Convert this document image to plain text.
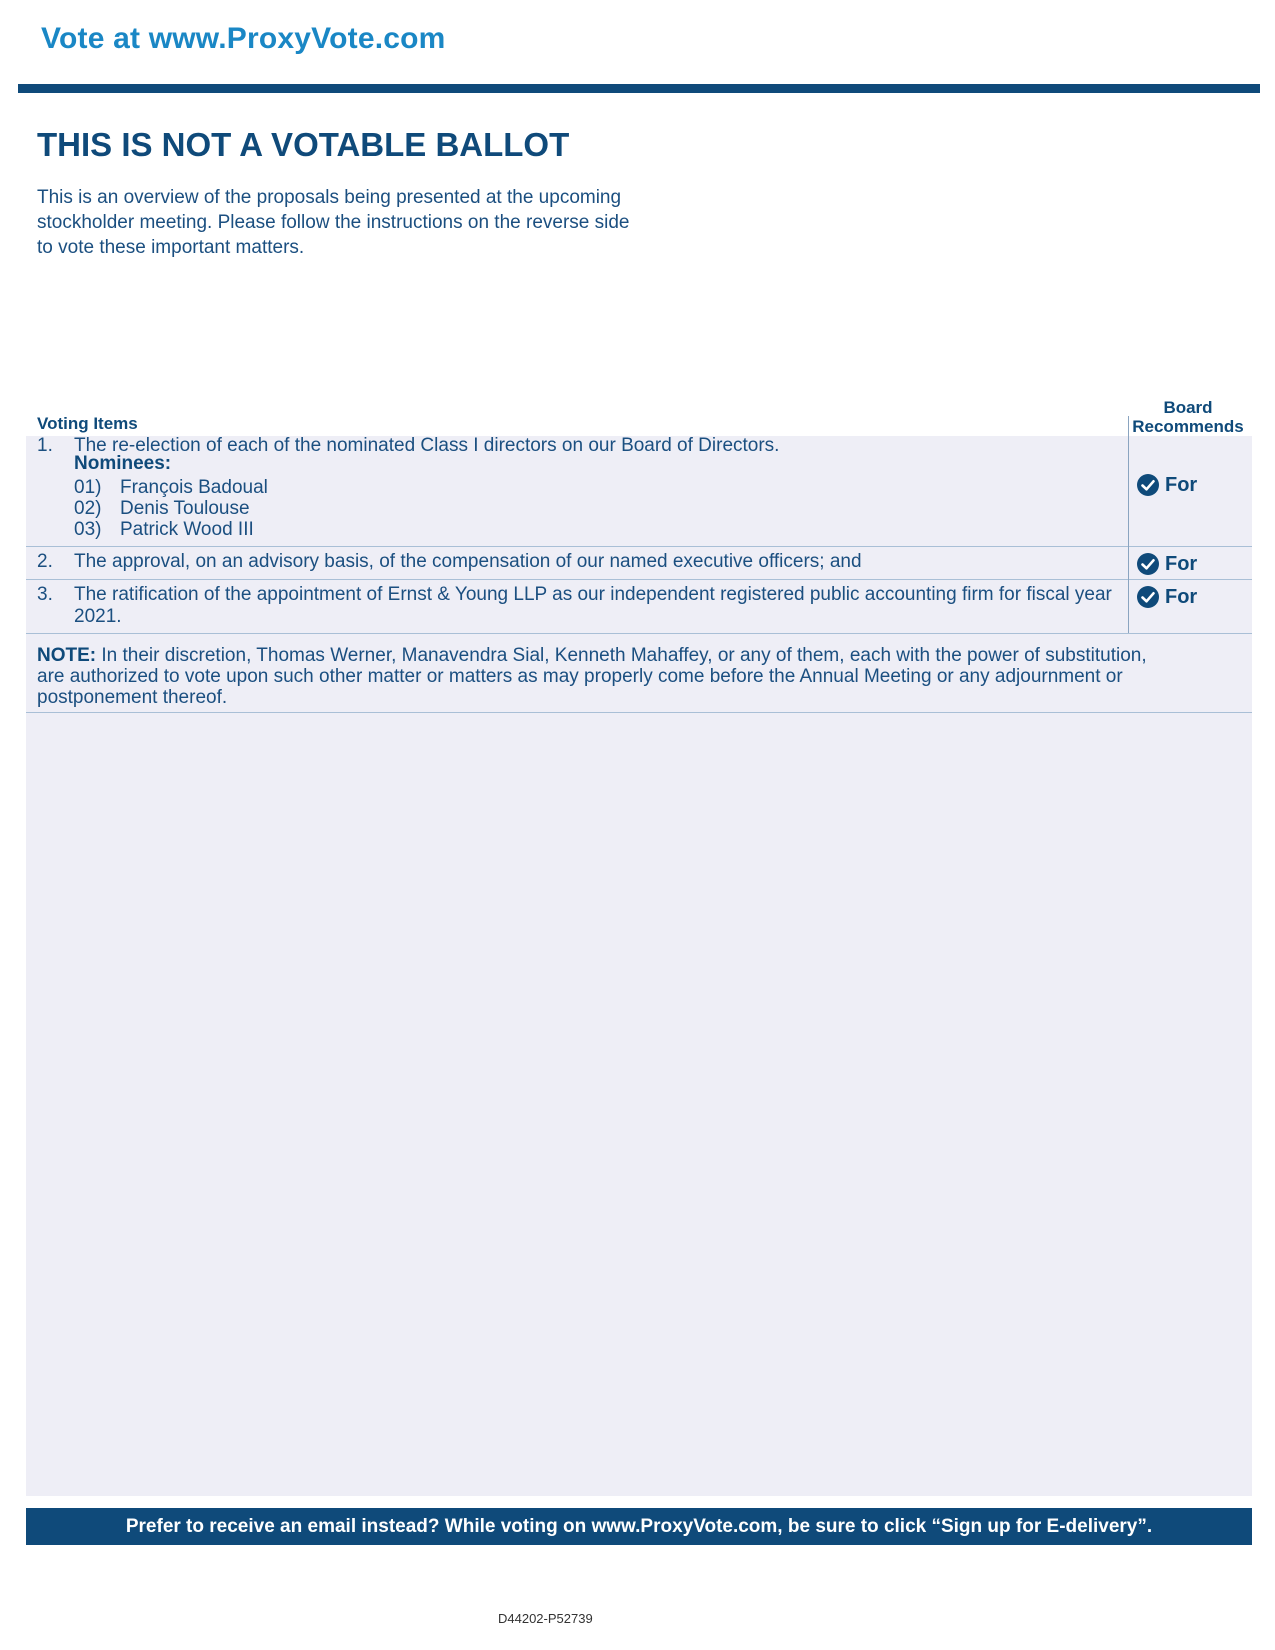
Vote at www.ProxyVote.com
THIS IS NOT A VOTABLE BALLOT
This is an overview of the proposals being presented at the upcoming stockholder meeting. Please follow the instructions on the reverse side to vote these important matters.
Voting Items
Board
Recommends
1. The re-election of each of the nominated Class I directors on our Board of Directors.
Nominees:
01) François Badoual
02) Denis Toulouse
03) Patrick Wood III
For
2. The approval, on an advisory basis, of the compensation of our named executive officers; and	For
3. The ratification of the appointment of Ernst & Young LLP as our independent registered public accounting firm for fiscal year 2021.
For
NOTE: In their discretion, Thomas Werner, Manavendra Sial, Kenneth Mahaffey, or any of them, each with the power of substitution, are authorized to vote upon such other matter or matters as may properly come before the Annual Meeting or any adjournment or postponement thereof.
Prefer to receive an email instead? While voting on www.ProxyVote.com, be sure to click “Sign up for E-delivery”.
D44202-P52739
